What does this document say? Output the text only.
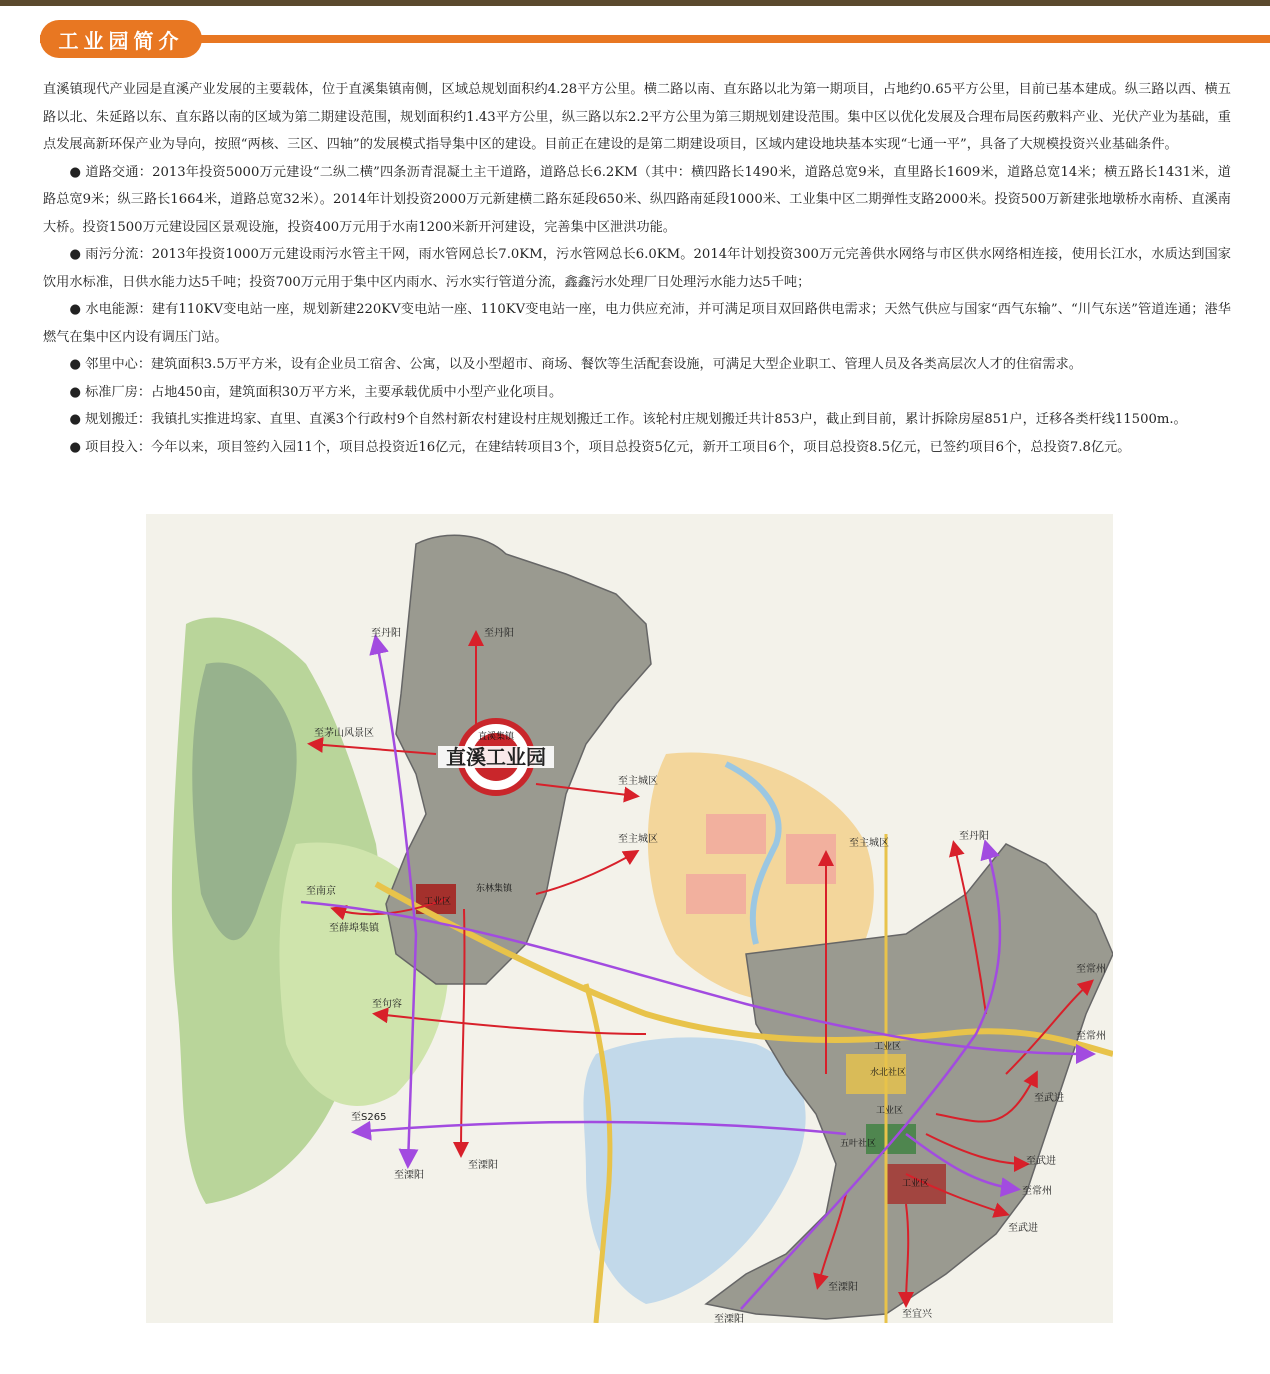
工业园简介

直溪镇现代产业园是直溪产业发展的主要载体，位于直溪集镇南侧，区域总规划面积约4.28平方公里。横二路以南、直东路以北为第一期项目，占地约0.65平方公里，目前已基本建成。纵三路以西、横五路以北、朱延路以东、直东路以南的区域为第二期建设范围，规划面积约1.43平方公里，纵三路以东2.2平方公里为第三期规划建设范围。集中区以优化发展及合理布局医药敷料产业、光伏产业为基础，重点发展高新环保产业为导向，按照“两核、三区、四轴”的发展模式指导集中区的建设。目前正在建设的是第二期建设项目，区域内建设地块基本实现“七通一平”，具备了大规模投资兴业基础条件。

● 道路交通：2013年投资5000万元建设“二纵二横”四条沥青混凝土主干道路，道路总长6.2KM（其中：横四路长1490米，道路总宽9米，直里路长1609米，道路总宽14米；横五路长1431米，道路总宽9米；纵三路长1664米，道路总宽32米）。2014年计划投资2000万元新建横二路东延段650米、纵四路南延段1000米、工业集中区二期弹性支路2000米。投资500万新建张地墩桥水南桥、直溪南大桥。投资1500万元建设园区景观设施，投资400万元用于水南1200米新开河建设，完善集中区泄洪功能。

● 雨污分流：2013年投资1000万元建设雨污水管主干网，雨水管网总长7.0KM，污水管网总长6.0KM。2014年计划投资300万元完善供水网络与市区供水网络相连接，使用长江水，水质达到国家饮用水标准，日供水能力达5千吨；投资700万元用于集中区内雨水、污水实行管道分流，鑫鑫污水处理厂日处理污水能力达5千吨；

● 水电能源：建有110KV变电站一座，规划新建220KV变电站一座、110KV变电站一座，电力供应充沛，并可满足项目双回路供电需求；天然气供应与国家“西气东输”、“川气东送”管道连通；港华燃气在集中区内设有调压门站。

● 邻里中心：建筑面积3.5万平方米，设有企业员工宿舍、公寓，以及小型超市、商场、餐饮等生活配套设施，可满足大型企业职工、管理人员及各类高层次人才的住宿需求。

● 标准厂房：占地450亩，建筑面积30万平方米，主要承载优质中小型产业化项目。

● 规划搬迁：我镇扎实推进坞家、直里、直溪3个行政村9个自然村新农村建设村庄规划搬迁工作。该轮村庄规划搬迁共计853户，截止到目前，累计拆除房屋851户，迁移各类杆线11500m.。

● 项目投入：今年以来，项目签约入园11个，项目总投资近16亿元，在建结转项目3个，项目总投资5亿元，新开工项目6个，项目总投资8.5亿元，已签约项目6个，总投资7.8亿元。

直溪工业园
直溪集镇
工业区
东林集镇
工业区
水北社区
工业区
五叶社区
工业区
至丹阳	至丹阳
至茅山风景区
至主城区
至主城区
至南京
至薛埠集镇
至句容
至S265
至溧阳
至溧阳
至主城区
至丹阳
至常州
至常州
至武进
至武进
至常州
至武进
至溧阳
至宜兴
至溧阳
